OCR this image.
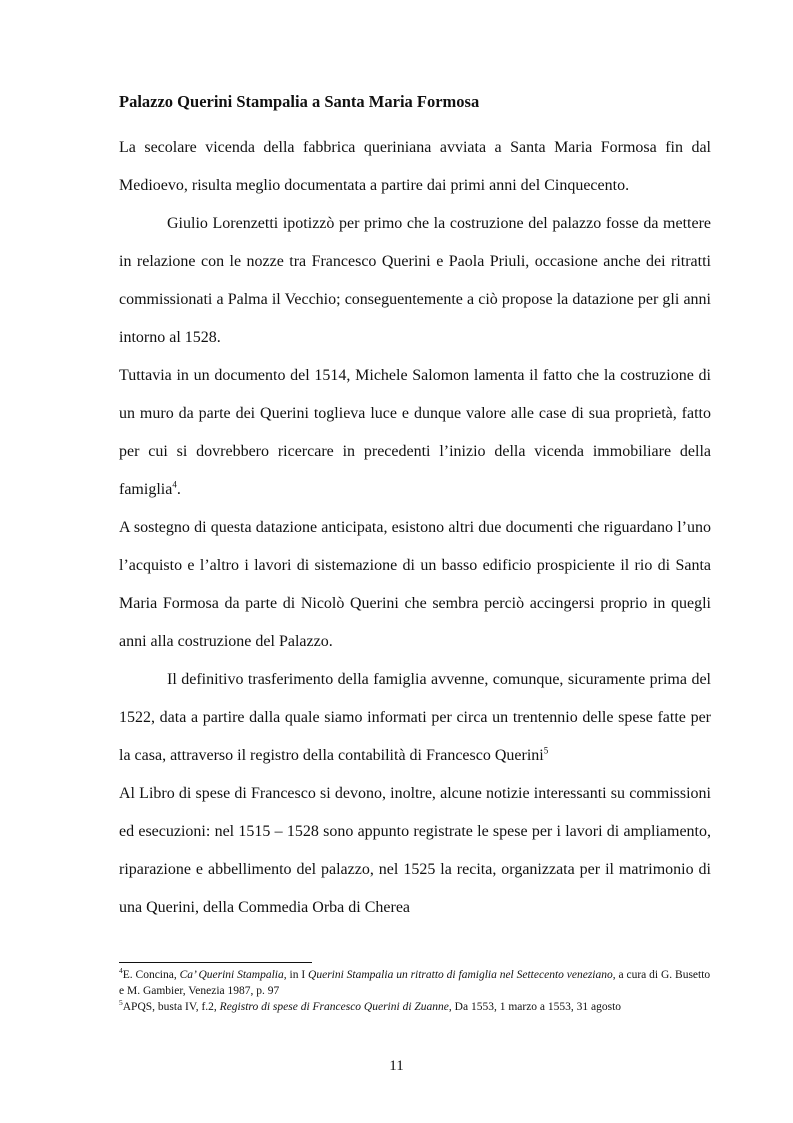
Palazzo Querini Stampalia a Santa Maria Formosa

La secolare vicenda della fabbrica queriniana avviata a Santa Maria Formosa fin dal Medioevo, risulta meglio documentata a partire dai primi anni del Cinquecento.

Giulio Lorenzetti ipotizzò per primo che la costruzione del palazzo fosse da mettere in relazione con le nozze tra Francesco Querini e Paola Priuli, occasione anche dei ritratti commissionati a Palma il Vecchio; conseguentemente a ciò propose la datazione per gli anni intorno al 1528.

Tuttavia in un documento del 1514, Michele Salomon lamenta il fatto che la costruzione di un muro da parte dei Querini toglieva luce e dunque valore alle case di sua proprietà, fatto per cui si dovrebbero ricercare in precedenti l’inizio della vicenda immobiliare della famiglia$^4$.

A sostegno di questa datazione anticipata, esistono altri due documenti che riguardano l’uno l’acquisto e l’altro i lavori di sistemazione di un basso edificio prospiciente il rio di Santa Maria Formosa da parte di Nicolò Querini che sembra perciò accingersi proprio in quegli anni alla costruzione del Palazzo.

Il definitivo trasferimento della famiglia avvenne, comunque, sicuramente prima del 1522, data a partire dalla quale siamo informati per circa un trentennio delle spese fatte per la casa, attraverso il registro della contabilità di Francesco Querini$^5$

Al Libro di spese di Francesco si devono, inoltre, alcune notizie interessanti su commissioni ed esecuzioni: nel 1515 – 1528 sono appunto registrate le spese per i lavori di ampliamento, riparazione e abbellimento del palazzo, nel 1525 la recita, organizzata per il matrimonio di una Querini, della Commedia Orba di Cherea

$^4$E. Concina, Ca’ Querini Stampalia, in I Querini Stampalia un ritratto di famiglia nel Settecento veneziano, a cura di G. Busetto e M. Gambier, Venezia 1987, p. 97
$^5$APQS, busta IV, f.2, Registro di spese di Francesco Querini di Zuanne, Da 1553, 1 marzo a 1553, 31 agosto
11
